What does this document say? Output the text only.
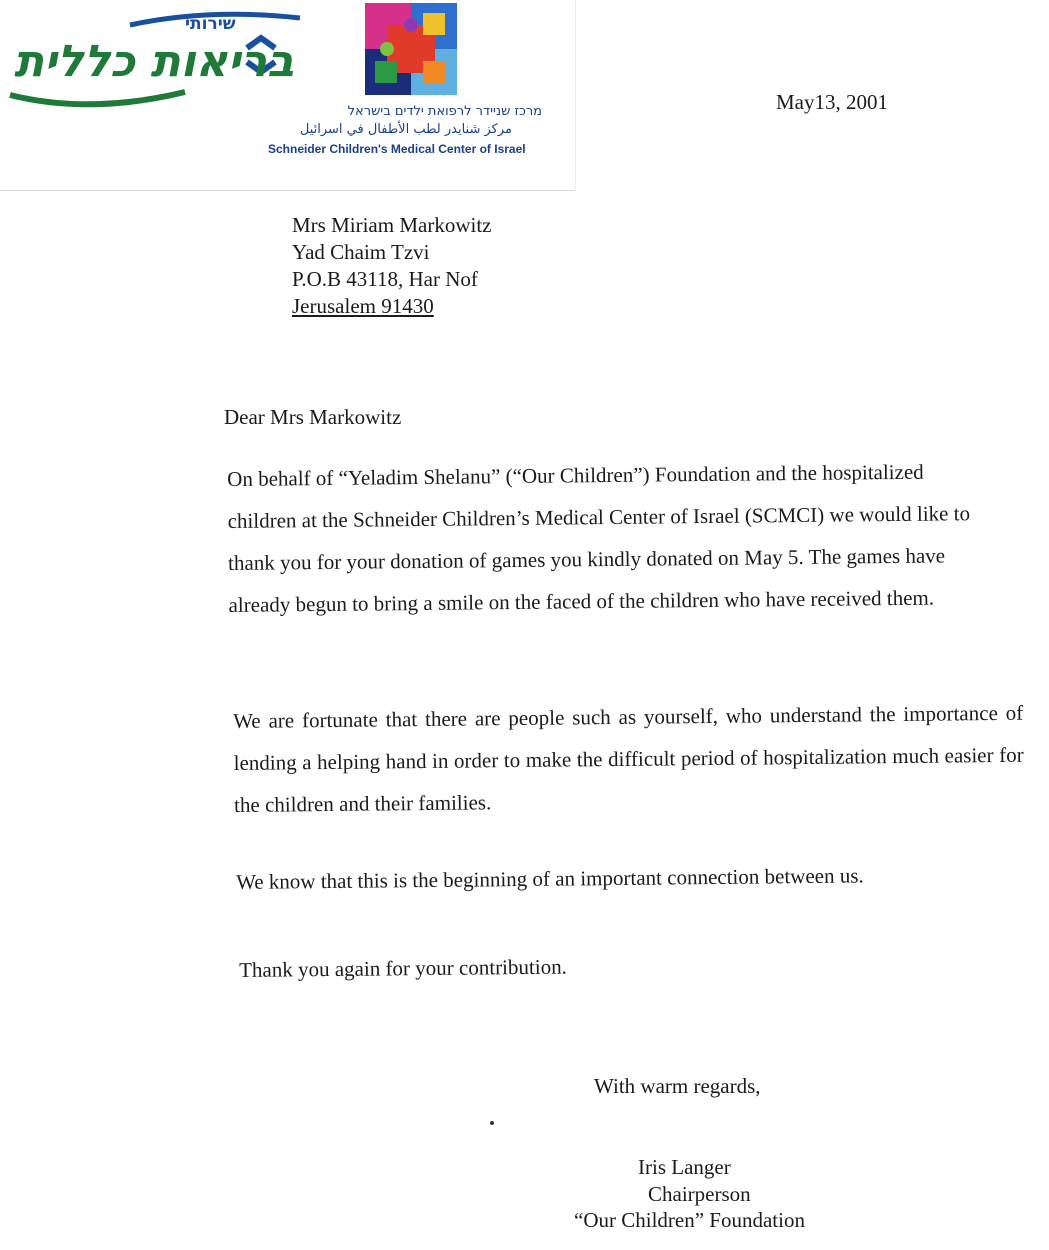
שירותי
בריאות כללית
מרכז שניידר לרפואת ילדים בישראל
مركز شنايدر لطب الأطفال في اسرائيل
Schneider Children's Medical Center of Israel
May13, 2001
Mrs Miriam Markowitz
Yad Chaim Tzvi
P.O.B 43118, Har Nof
Jerusalem 91430
Dear Mrs Markowitz
On behalf of “Yeladim Shelanu” (“Our Children”) Foundation and the hospitalized children at the Schneider Children’s Medical Center of Israel (SCMCI) we would like to thank you for your donation of games you kindly donated on May 5. The games have already begun to bring a smile on the faced of the children who have received them.
We are fortunate that there are people such as yourself, who understand the importance of lending a helping hand in order to make the difficult period of hospitalization much easier for the children and their families.
We know that this is the beginning of an important connection between us.
Thank you again for your contribution.
With warm regards,
Iris Langer
Chairperson
“Our Children” Foundation
